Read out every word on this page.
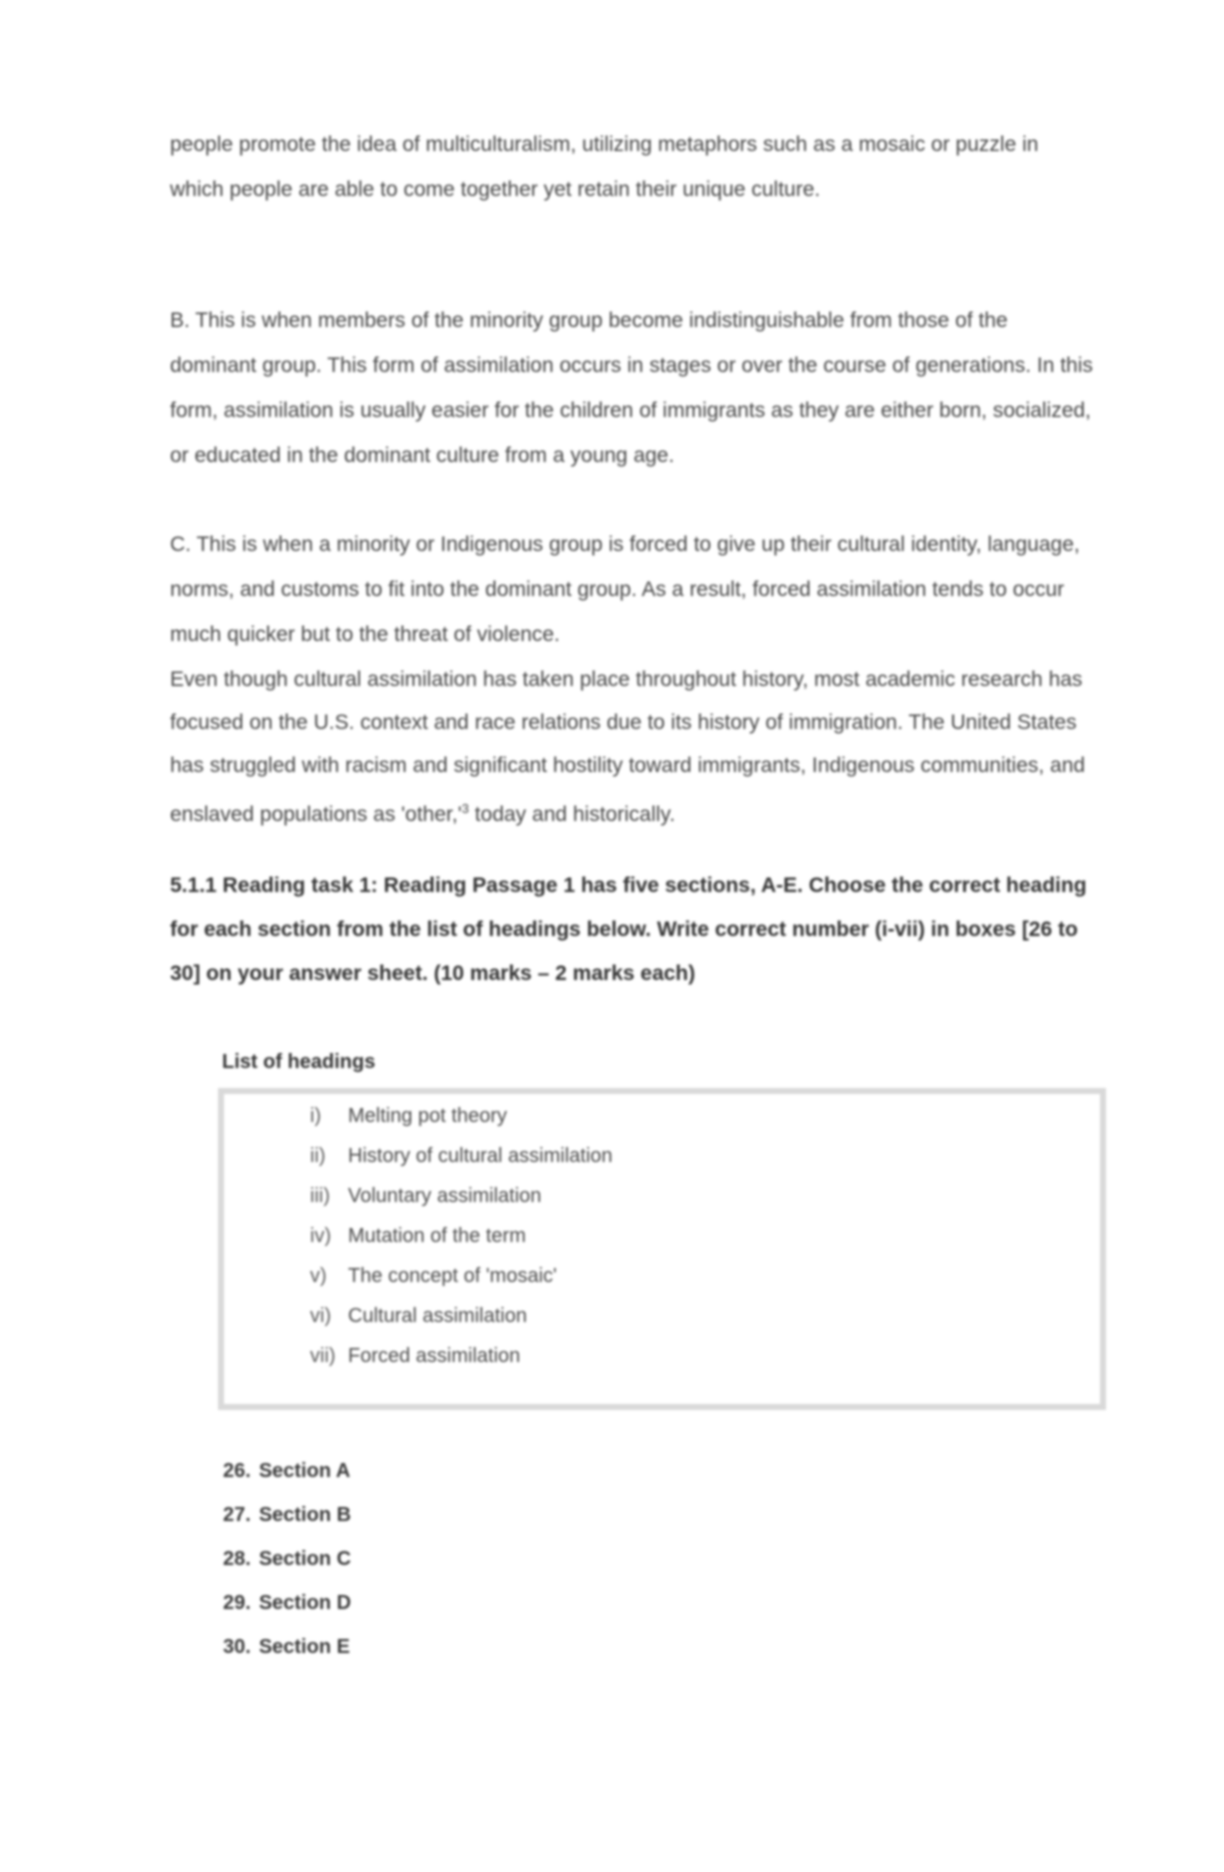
people promote the idea of multiculturalism, utilizing metaphors such as a mosaic or puzzle in which people are able to come together yet retain their unique culture.
B. This is when members of the minority group become indistinguishable from those of the dominant group. This form of assimilation occurs in stages or over the course of generations. In this form, assimilation is usually easier for the children of immigrants as they are either born, socialized, or educated in the dominant culture from a young age.
C. This is when a minority or Indigenous group is forced to give up their cultural identity, language, norms, and customs to fit into the dominant group. As a result, forced assimilation tends to occur much quicker but to the threat of violence.
Even though cultural assimilation has taken place throughout history, most academic research has focused on the U.S. context and race relations due to its history of immigration. The United States has struggled with racism and significant hostility toward immigrants, Indigenous communities, and enslaved populations as '$other,'^3$ today and historically.
5.1.1 Reading task 1: Reading Passage 1 has five sections, A-E. Choose the correct heading for each section from the list of headings below. Write correct number (i-vii) in boxes [26 to 30] on your answer sheet. (10 marks – 2 marks each)
List of headings
i)	Melting pot theory
ii)	History of cultural assimilation
iii) Voluntary assimilation
iv) Mutation of the term
v)	The concept of 'mosaic'
vi) Cultural assimilation
vii) Forced assimilation
26. Section A
27. Section B
28. Section C
29. Section D
30. Section E
